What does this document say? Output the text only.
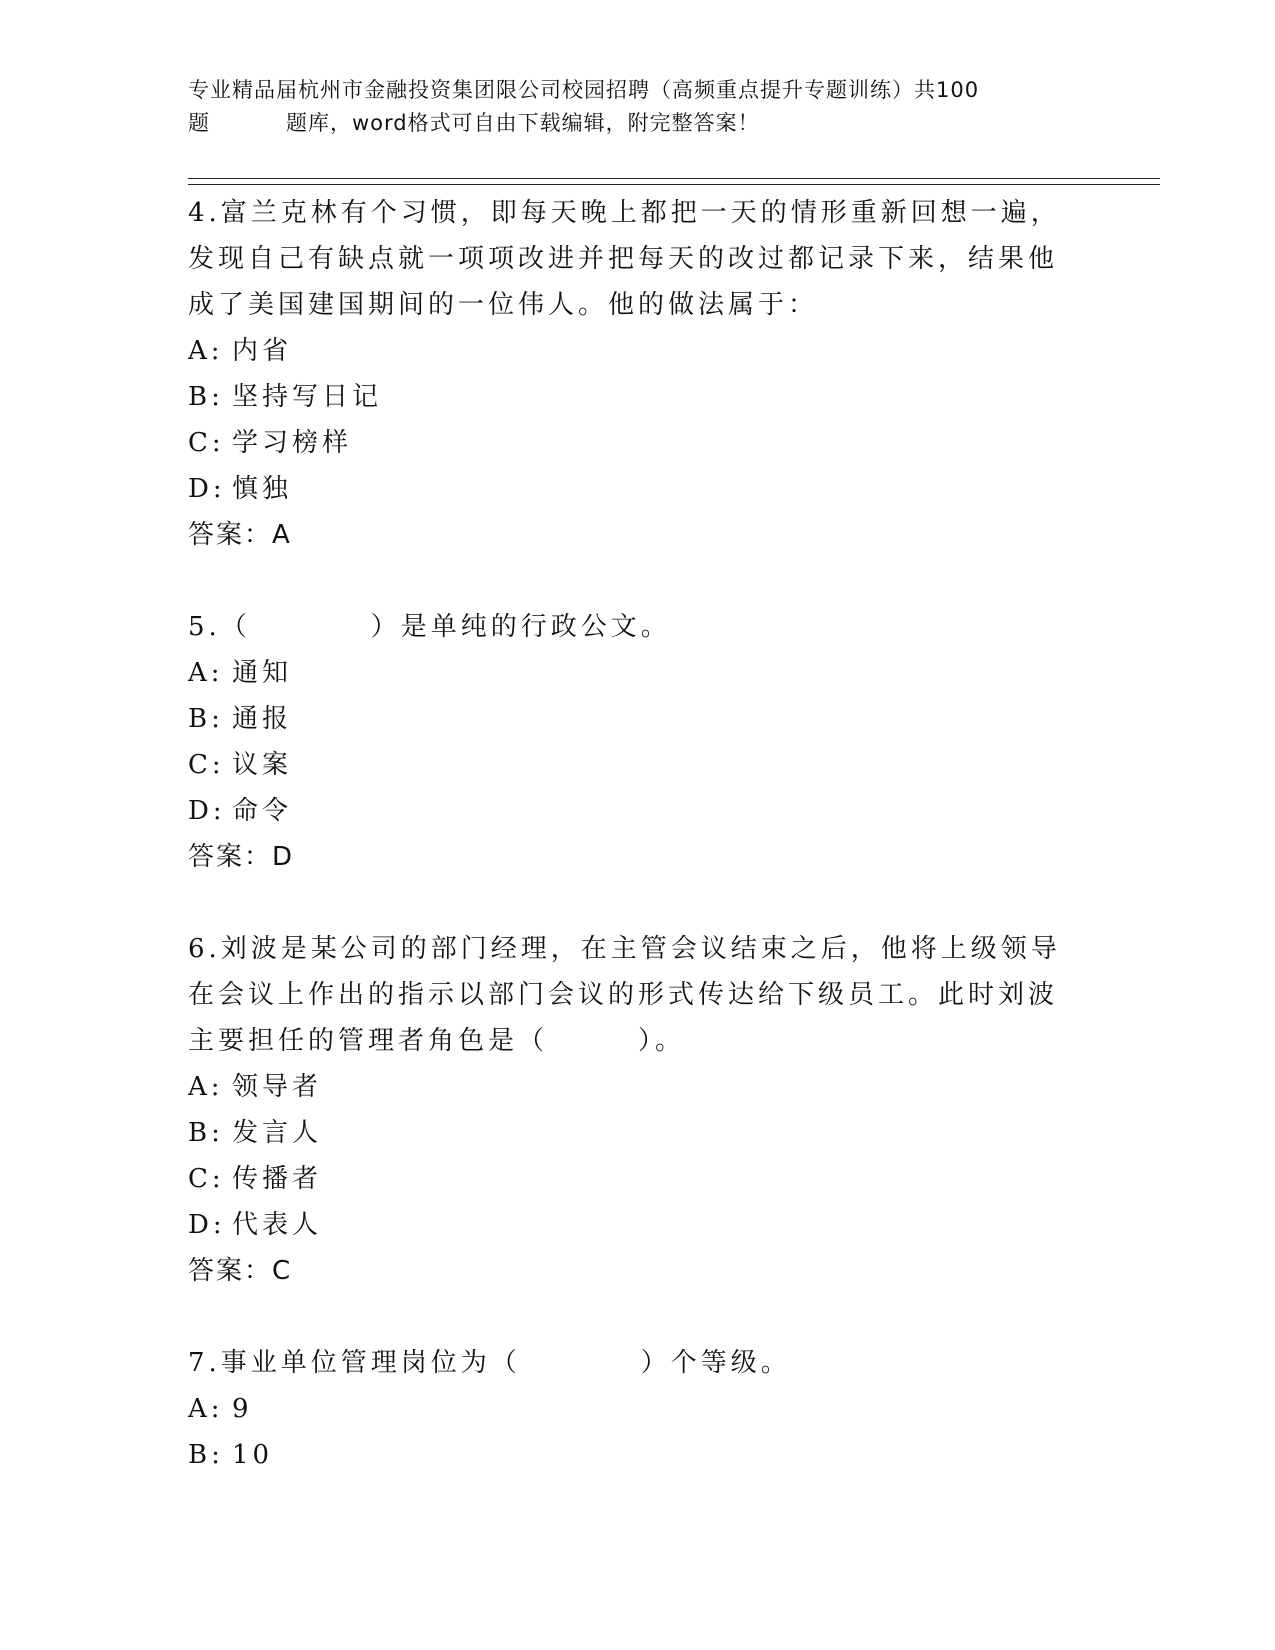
专业精品届杭州市金融投资集团限公司校园招聘（高频重点提升专题训练）共100
题	题库，word格式可自由下载编辑，附完整答案！

4.富兰克林有个习惯，即每天晚上都把一天的情形重新回想一遍，发现自己有缺点就一项项改进并把每天的改过都记录下来，结果他成了美国建国期间的一位伟人。他的做法属于：

A: 内省

B: 坚持写日记

C: 学习榜样

D: 慎独

答案：A

5.（　　　　）是单纯的行政公文。

A: 通知

B: 通报

C: 议案

D: 命令

答案：D

6.刘波是某公司的部门经理，在主管会议结束之后，他将上级领导在会议上作出的指示以部门会议的形式传达给下级员工。此时刘波主要担任的管理者角色是（　　　）。

A: 领导者

B: 发言人

C: 传播者

D: 代表人

答案：C

7.事业单位管理岗位为（　　　　）个等级。

A: 9

B: 10
